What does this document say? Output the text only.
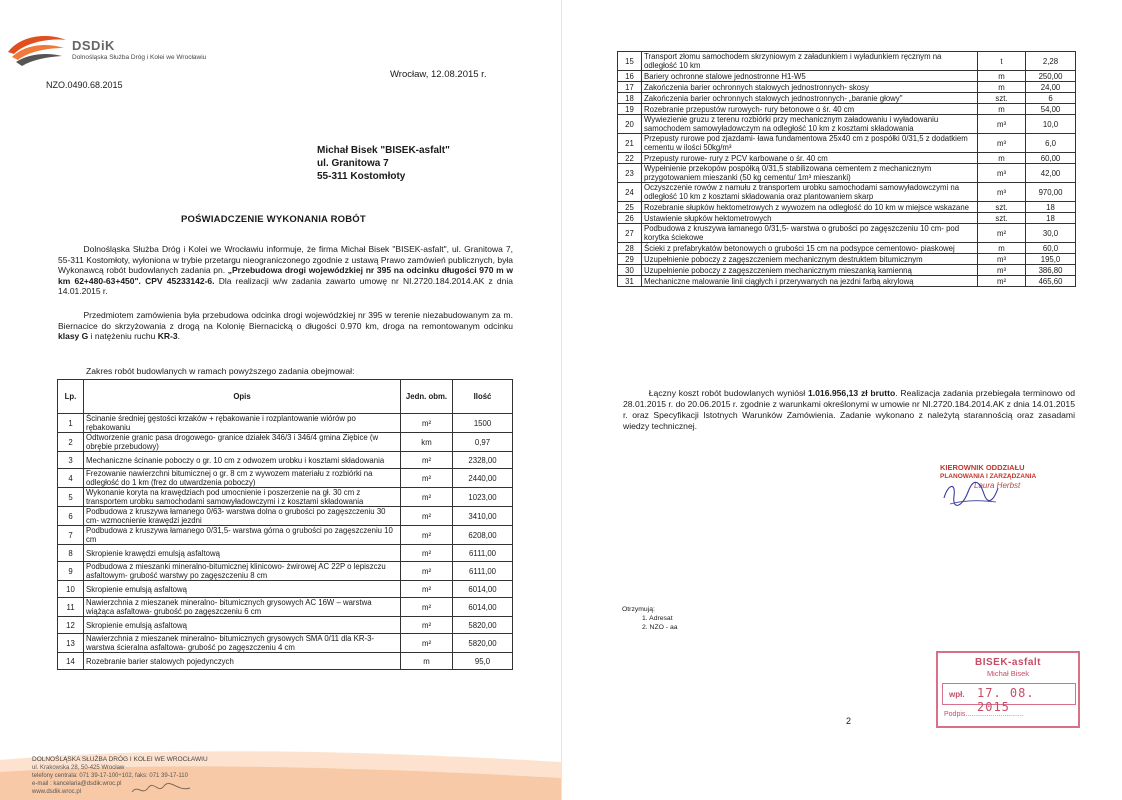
DSDiK
Dolnośląska Służba Dróg i Kolei we Wrocławiu
NZO.0490.68.2015
Wrocław, 12.08.2015 r.
Michał Bisek "BISEK-asfalt"
ul. Granitowa 7
55-311 Kostomłoty
POŚWIADCZENIE WYKONANIA ROBÓT
   Dolnośląska Służba Dróg i Kolei we Wrocławiu informuje, że firma Michał Bisek "BISEK-asfalt", ul. Granitowa 7, 55-311 Kostomłoty, wyłoniona w trybie przetargu nieograniczonego zgodnie z ustawą Prawo zamówień publicznych, była Wykonawcą robót budowlanych zadania pn. „Przebudowa drogi wojewódzkiej nr 395 na odcinku długości 970 m w km 62+480-63+450". CPV 45233142-6. Dla realizacji w/w zadania zawarto umowę nr NI.2720.184.2014.AK z dnia 14.01.2015 r.
   Przedmiotem zamówienia była przebudowa odcinka drogi wojewódzkiej nr 395 w terenie niezabudowanym za m. Biernacice do skrzyżowania z drogą na Kolonię Biernacicką o długości 0.970 km, droga na remontowanym odcinku klasy G i natężeniu ruchu KR-3.
Zakres robót budowlanych w ramach powyższego zadania obejmował:
Lp.	Opis	Jedn. obm.	Ilość
1	Ścinanie średniej gęstości krzaków + rębakowanie i rozplantowanie wiórów po rębakowaniu	m²	1500
2	Odtworzenie granic pasa drogowego- granice działek 346/3 i 346/4 gmina Ziębice (w obrębie przebudowy)	km	0,97
3	Mechaniczne ścinanie poboczy o gr. 10 cm z odwozem urobku i kosztami składowania	m²	2328,00
4	Frezowanie nawierzchni bitumicznej o gr. 8 cm z wywozem materiału z rozbiórki na odległość do 1 km (frez do utwardzenia poboczy)	m²	2440,00
5	Wykonanie koryta na krawędziach pod umocnienie i poszerzenie na gł. 30 cm z transportem urobku samochodami samowyładowczymi i z kosztami składowania	m²	1023,00
6	Podbudowa z kruszywa łamanego 0/63- warstwa dolna o grubości po zagęszczeniu 30 cm- wzmocnienie krawędzi jezdni	m²	3410,00
7	Podbudowa z kruszywa łamanego 0/31,5- warstwa górna o grubości po zagęszczeniu 10 cm	m²	6208,00
8	Skropienie krawędzi emulsją asfaltową	m²	6111,00
9	Podbudowa z mieszanki mineralno-bitumicznej klinicowo- żwirowej AC 22P o lepiszczu asfaltowym- grubość warstwy po zagęszczeniu 8 cm	m²	6111,00
10	Skropienie emulsją asfaltową	m²	6014,00
11	Nawierzchnia z mieszanek mineralno- bitumicznych grysowych AC 16W – warstwa wiążąca asfaltowa- grubość po zagęszczeniu 6 cm	m²	6014,00
12	Skropienie emulsją asfaltową	m²	5820,00
13	Nawierzchnia z mieszanek mineralno- bitumicznych grysowych SMA 0/11 dla KR-3- warstwa ścieralna asfaltowa- grubość po zagęszczeniu 4 cm	m²	5820,00
14	Rozebranie barier stalowych pojedynczych	m	95,0
DOLNOŚLĄSKA SŁUŻBA DRÓG I KOLEI WE WROCŁAWIU
ul. Krakowska 28, 50-425 Wrocław
telefony centrala: 071 39-17-100÷102, faks: 071 39-17-110
e-mail : kancelaria@dsdik.wroc.pl
www.dsdik.wroc.pl
15	Transport złomu samochodem skrzyniowym z załadunkiem i wyładunkiem ręcznym na odległość 10 km	t	2,28
16	Bariery ochronne stalowe jednostronne H1-W5	m	250,00
17	Zakończenia barier ochronnych stalowych jednostronnych- skosy	m	24,00
18	Zakończenia barier ochronnych stalowych jednostronnych- „baranie głowy"	szt.	6
19	Rozebranie przepustów rurowych- rury betonowe o śr. 40 cm	m	54,00
20	Wywiezienie gruzu z terenu rozbiórki przy mechanicznym załadowaniu i wyładowaniu samochodem samowyładowczym na odległość 10 km z kosztami składowania	m³	10,0
21	Przepusty rurowe pod zjazdami- ława fundamentowa 25x40 cm z pospółki 0/31,5 z dodatkiem cementu w ilości 50kg/m³	m³	6,0
22	Przepusty rurowe- rury z PCV karbowane o śr. 40 cm	m	60,00
23	Wypełnienie przekopów pospółką 0/31,5 stabilizowana cementem z mechanicznym przygotowaniem mieszanki (50 kg cementu/ 1m³ mieszanki)	m³	42,00
24	Oczyszczenie rowów z namułu z transportem urobku samochodami samowyładowczymi na odległość 10 km z kosztami składowania oraz plantowaniem skarp	m³	970,00
25	Rozebranie słupków hektometrowych z wywozem na odległość do 10 km w miejsce wskazane	szt.	18
26	Ustawienie słupków hektometrowych	szt.	18
27	Podbudowa z kruszywa łamanego 0/31,5- warstwa o grubości po zagęszczeniu 10 cm- pod korytka ściekowe	m²	30,0
28	Ścieki z prefabrykatów betonowych o grubości 15 cm na podsypce cementowo- piaskowej	m	60,0
29	Uzupełnienie poboczy z zagęszczeniem mechanicznym destruktem bitumicznym	m³	195,0
30	Uzupełnienie poboczy z zagęszczeniem mechanicznym mieszanką kamienną	m³	386,80
31	Mechaniczne malowanie linii ciągłych i przerywanych na jezdni farbą akrylową	m²	465,60
   Łączny koszt robót budowlanych wyniósł 1.016.956,13 zł brutto. Realizacja zadania przebiegała terminowo od 28.01.2015 r. do 20.06.2015 r. zgodnie z warunkami określonymi w umowie nr NI.2720.184.2014.AK z dnia 14.01.2015 r. oraz Specyfikacji Istotnych Warunków Zamówienia. Zadanie wykonano z należytą starannością oraz zasadami wiedzy technicznej.
KIEROWNIK ODDZIAŁU
PLANOWANIA I ZARZĄDZANIA
Laura Herbst
Otrzymują:
1. Adresat
2. NZO - aa
BISEK-asfalt
Michał Bisek
wpł. 17. 08. 2015
Podpis..............................
2
